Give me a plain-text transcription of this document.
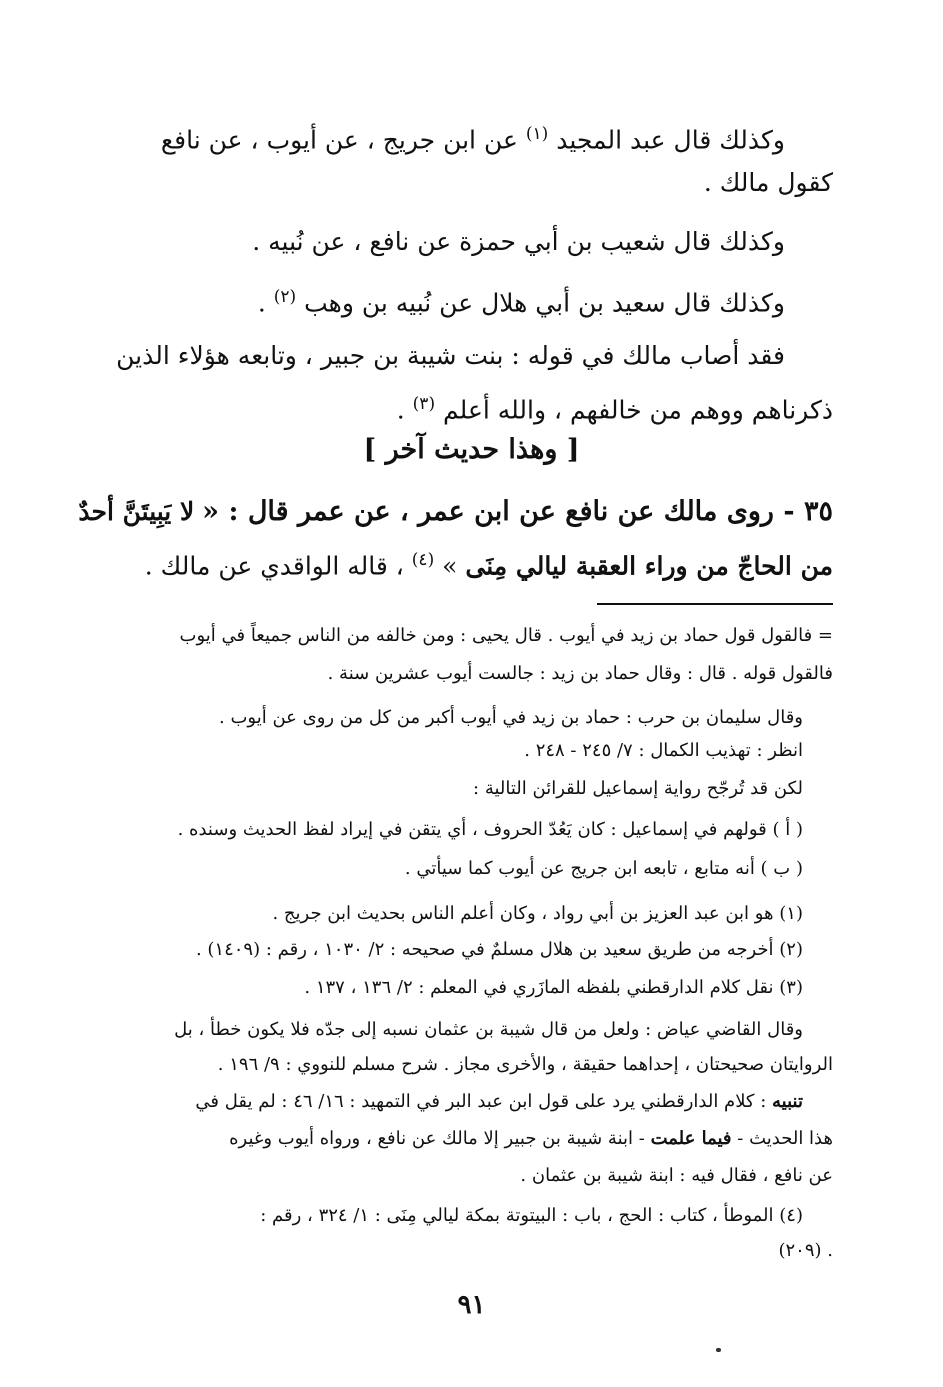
وكذلك قال عبد المجيد $^{(١)}$ عن ابن جريج ، عن أيوب ، عن نافع
كقول مالك .
وكذلك قال شعيب بن أبي حمزة عن نافع ، عن نُبيه .
وكذلك قال سعيد بن أبي هلال عن نُبيه بن وهب $^{(٢)}$ .
فقد أصاب مالك في قوله : بنت شيبة بن جبير ، وتابعه هؤلاء الذين
ذكرناهم ووهم من خالفهم ، والله أعلم $^{(٣)}$ .
[ وهذا حديث آخر ]
٣٥ - روى مالك عن نافع عن ابن عمر ، عن عمر قال : « لا يَبِيتَنَّ أحدٌ
من الحاجّ من وراء العقبة ليالي مِنَى » $^{(٤)}$ ، قاله الواقدي عن مالك .
= فالقول قول حماد بن زيد في أيوب . قال يحيى : ومن خالفه من الناس جميعاً في أيوب
فالقول قوله . قال : وقال حماد بن زيد : جالست أيوب عشرين سنة .
وقال سليمان بن حرب : حماد بن زيد في أيوب أكبر من كل من روى عن أيوب .
انظر : تهذيب الكمال : ٧/ ٢٤٥ - ٢٤٨ .
لكن قد تُرجّح رواية إسماعيل للقرائن التالية :
( أ ) قولهم في إسماعيل : كان يَعُدّ الحروف ، أي يتقن في إيراد لفظ الحديث وسنده .
( ب ) أنه متابع ، تابعه ابن جريج عن أيوب كما سيأتي .
(١) هو ابن عبد العزيز بن أبي رواد ، وكان أعلم الناس بحديث ابن جريج .
(٢) أخرجه من طريق سعيد بن هلال مسلمٌ في صحيحه : ٢/ ١٠٣٠ ، رقم : (١٤٠٩) .
(٣) نقل كلام الدارقطني بلفظه المازَري في المعلم : ٢/ ١٣٦ ، ١٣٧ .
وقال القاضي عياض : ولعل من قال شيبة بن عثمان نسبه إلى جدّه فلا يكون خطأ ، بل
الروايتان صحيحتان ، إحداهما حقيقة ، والأخرى مجاز . شرح مسلم للنووي : ٩/ ١٩٦ .
تنبيه : كلام الدارقطني يرد على قول ابن عبد البر في التمهيد : ١٦/ ٤٦ : لم يقل في
هذا الحديث - فيما علمت - ابنة شيبة بن جبير إلا مالك عن نافع ، ورواه أيوب وغيره
عن نافع ، فقال فيه : ابنة شيبة بن عثمان .
(٤) الموطأ ، كتاب : الحج ، باب : البيتوتة بمكة ليالي مِنَى : ١/ ٣٢٤ ، رقم :
. (٢٠٩)
٩١
